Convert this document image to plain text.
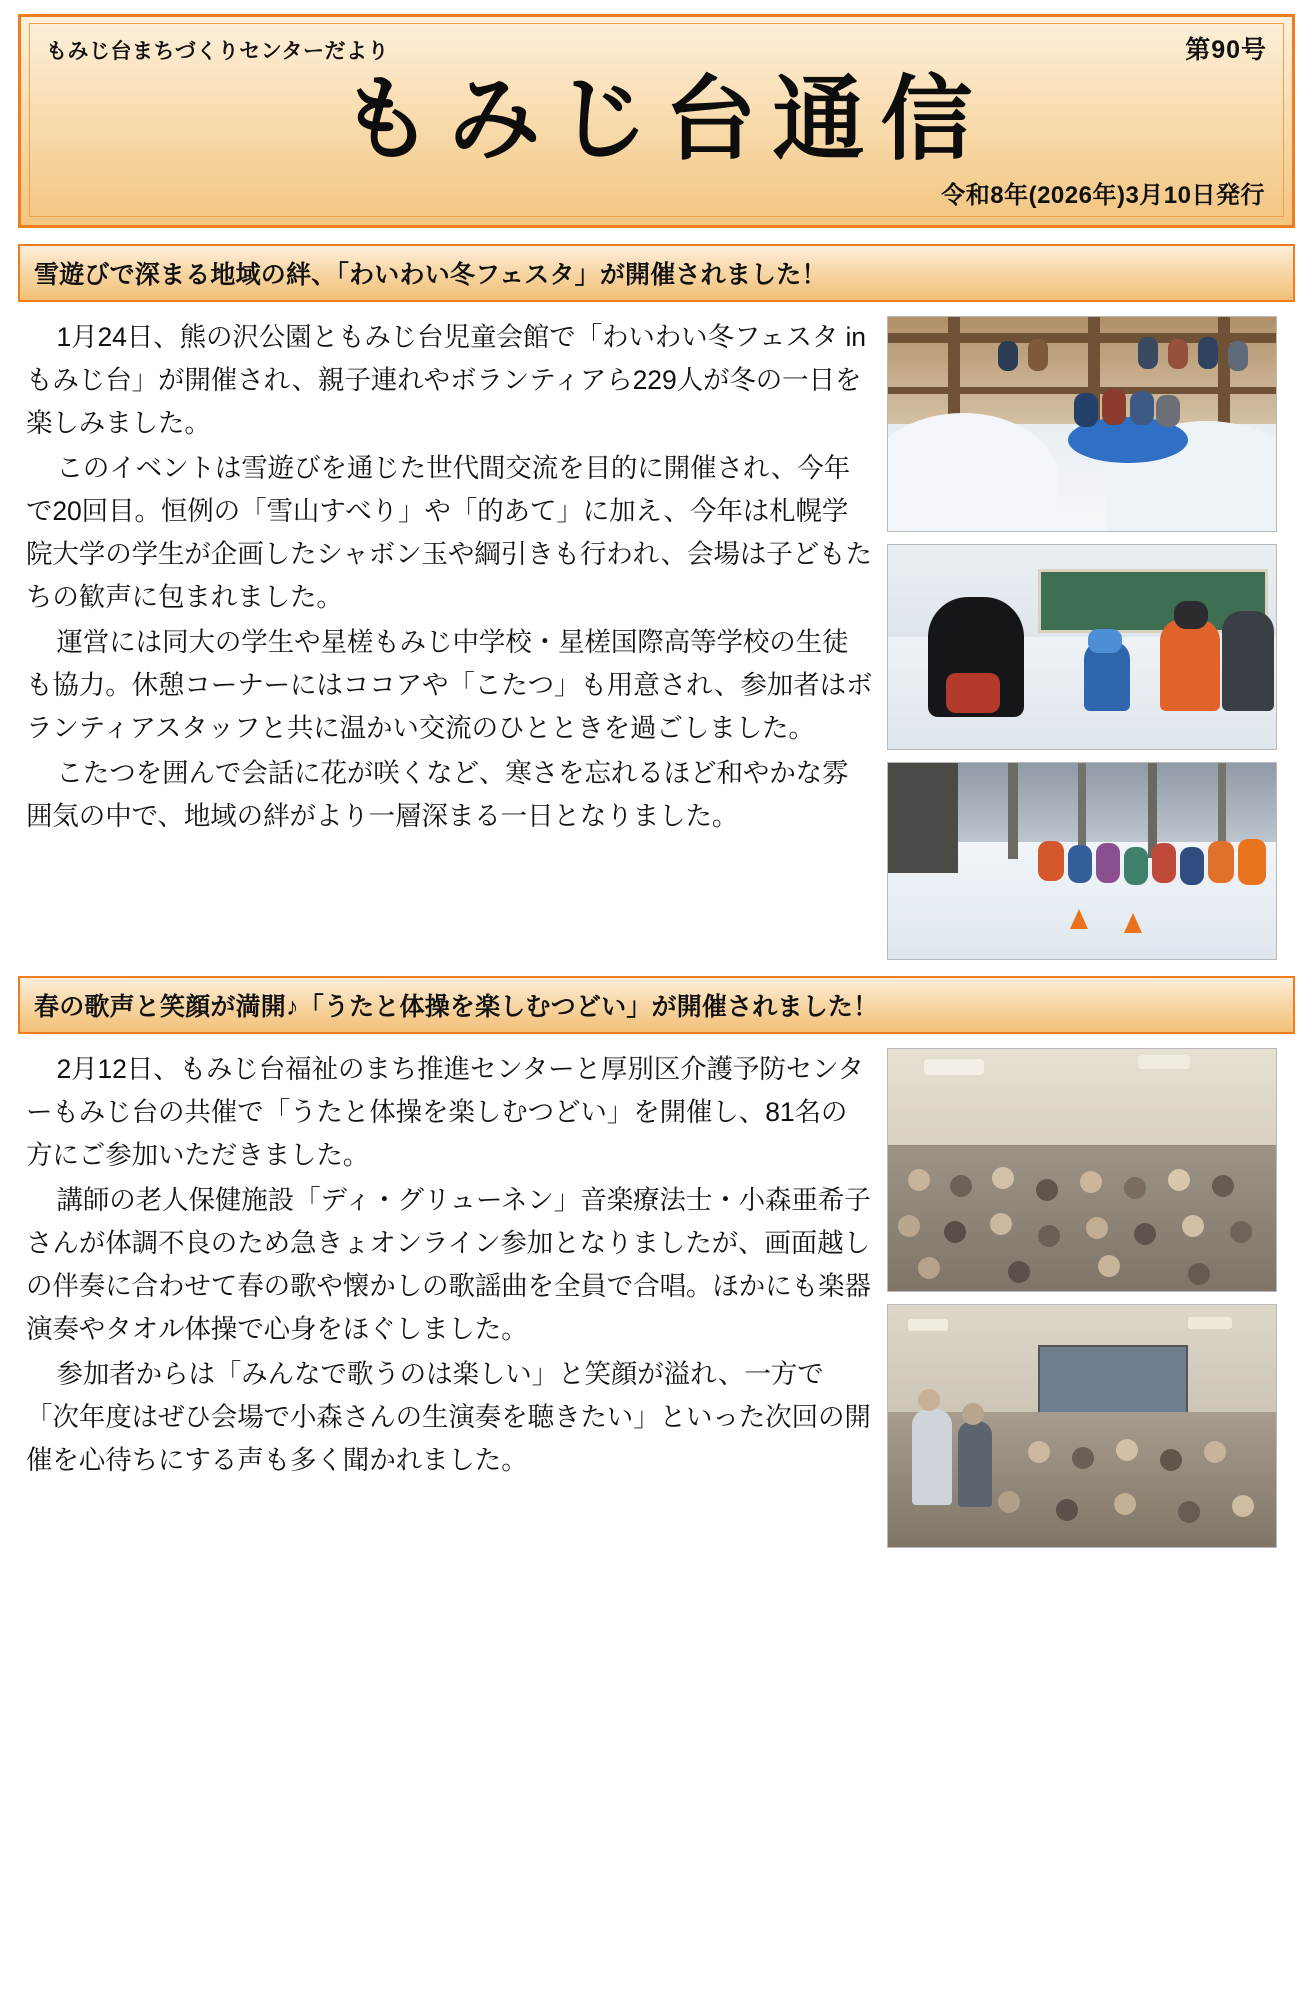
もみじ台まちづくりセンターだより	第90号
もみじ台通信
令和8年(2026年)3月10日発行
雪遊びで深まる地域の絆、「わいわい冬フェスタ」が開催されました！

1月24日、熊の沢公園ともみじ台児童会館で「わいわい冬フェスタ in もみじ台」が開催され、親子連れやボランティアら229人が冬の一日を楽しみました。

このイベントは雪遊びを通じた世代間交流を目的に開催され、今年で20回目。恒例の「雪山すべり」や「的あて」に加え、今年は札幌学院大学の学生が企画したシャボン玉や綱引きも行われ、会場は子どもたちの歓声に包まれました。

運営には同大の学生や星槎もみじ中学校・星槎国際高等学校の生徒も協力。休憩コーナーにはココアや「こたつ」も用意され、参加者はボランティアスタッフと共に温かい交流のひとときを過ごしました。

こたつを囲んで会話に花が咲くなど、寒さを忘れるほど和やかな雰囲気の中で、地域の絆がより一層深まる一日となりました。

春の歌声と笑顔が満開♪「うたと体操を楽しむつどい」が開催されました！

2月12日、もみじ台福祉のまち推進センターと厚別区介護予防センターもみじ台の共催で「うたと体操を楽しむつどい」を開催し、81名の方にご参加いただきました。

講師の老人保健施設「ディ・グリューネン」音楽療法士・小森亜希子さんが体調不良のため急きょオンライン参加となりましたが、画面越しの伴奏に合わせて春の歌や懐かしの歌謡曲を全員で合唱。ほかにも楽器演奏やタオル体操で心身をほぐしました。

参加者からは「みんなで歌うのは楽しい」と笑顔が溢れ、一方で「次年度はぜひ会場で小森さんの生演奏を聴きたい」といった次回の開催を心待ちにする声も多く聞かれました。
